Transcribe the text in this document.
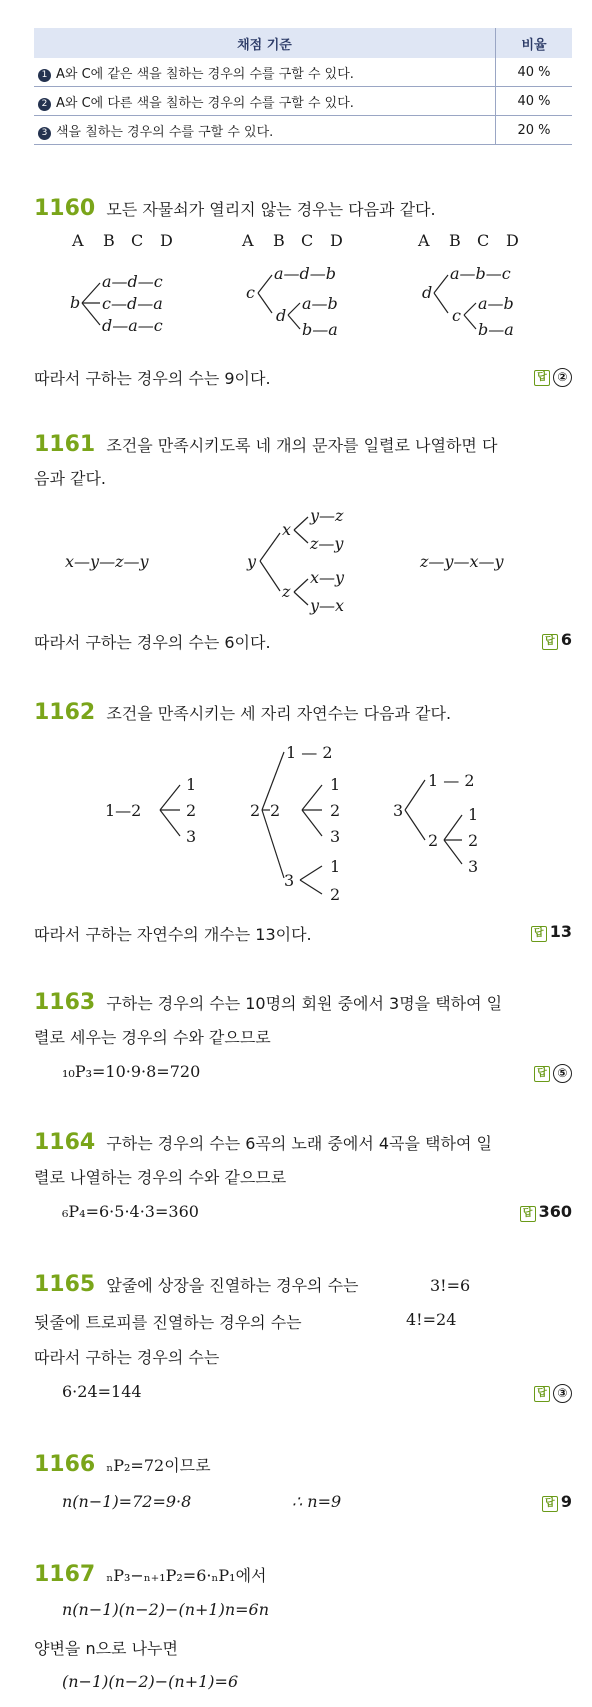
채점 기준	비율
1 A와 C에 같은 색을 칠하는 경우의 수를 구할 수 있다.	40 %
2 A와 C에 다른 색을 칠하는 경우의 수를 구할 수 있다.	40 %
3 색을 칠하는 경우의 수를 구할 수 있다.	20 %
1160 모든 자물쇠가 열리지 않는 경우는 다음과 같다.
A B C D	A B C D	A B C D
b
a—d—c
c—d—a
d—a—c
c
a—d—b
d
a—b
b—a
d
a—b—c
c
a—b
b—a
따라서 구하는 경우의 수는 9이다.	답 ②
1161 조건을 만족시키도록 네 개의 문자를 일렬로 나열하면 다
음과 같다.
x—y—z—y	y
x
y—z
z—y
z
x—y
y—x
z—y—x—y
따라서 구하는 경우의 수는 6이다.	답 6
1162 조건을 만족시키는 세 자리 자연수는 다음과 같다.
1—2
1
2
3
2
1 — 2
2
1
2
3
3
1
2
3
1 — 2
2
1
2
3
따라서 구하는 자연수의 개수는 13이다.	답 13
1163 구하는 경우의 수는 10명의 회원 중에서 3명을 택하여 일
렬로 세우는 경우의 수와 같으므로
₁₀P₃=10·9·8=720	답 ⑤
1164 구하는 경우의 수는 6곡의 노래 중에서 4곡을 택하여 일
렬로 나열하는 경우의 수와 같으므로
₆P₄=6·5·4·3=360	답 360
1165 앞줄에 상장을 진열하는 경우의 수는	3!=6
뒷줄에 트로피를 진열하는 경우의 수는	4!=24
따라서 구하는 경우의 수는
6·24=144	답 ③
1166 ₙP₂=72이므로
n(n−1)=72=9·8	∴ n=9	답 9
1167 ₙP₃−ₙ₊₁P₂=6·ₙP₁에서
n(n−1)(n−2)−(n+1)n=6n
양변을 n으로 나누면
(n−1)(n−2)−(n+1)=6
